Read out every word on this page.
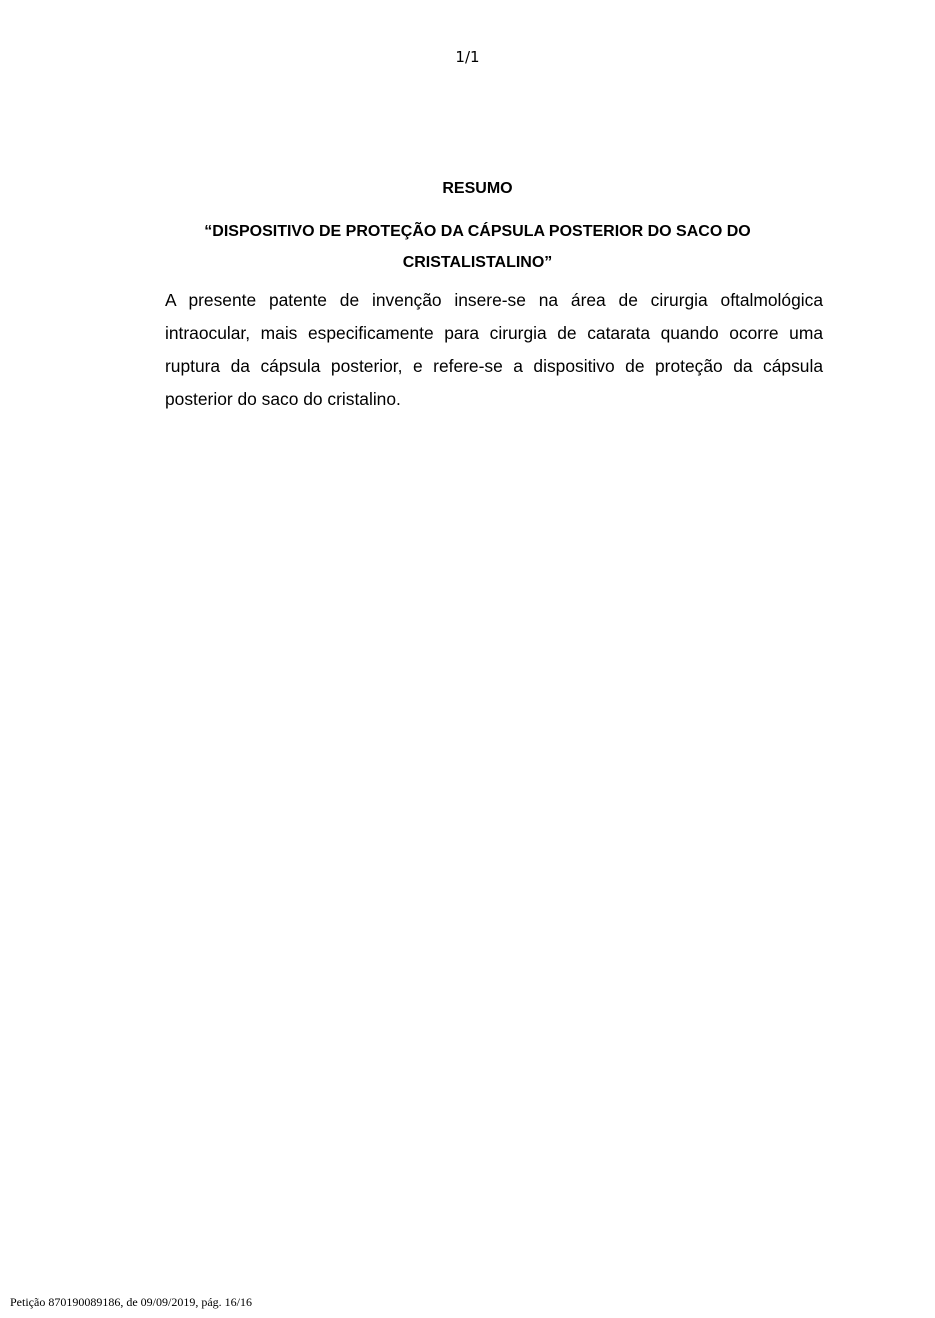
1/1
RESUMO
“DISPOSITIVO DE PROTEÇÃO DA CÁPSULA POSTERIOR DO SACO DO CRISTALISTALINO”

A presente patente de invenção insere-se na área de cirurgia oftalmológica intraocular, mais especificamente para cirurgia de catarata quando ocorre uma ruptura da cápsula posterior, e refere-se a dispositivo de proteção da cápsula posterior do saco do cristalino.

Petição 870190089186, de 09/09/2019, pág. 16/16
